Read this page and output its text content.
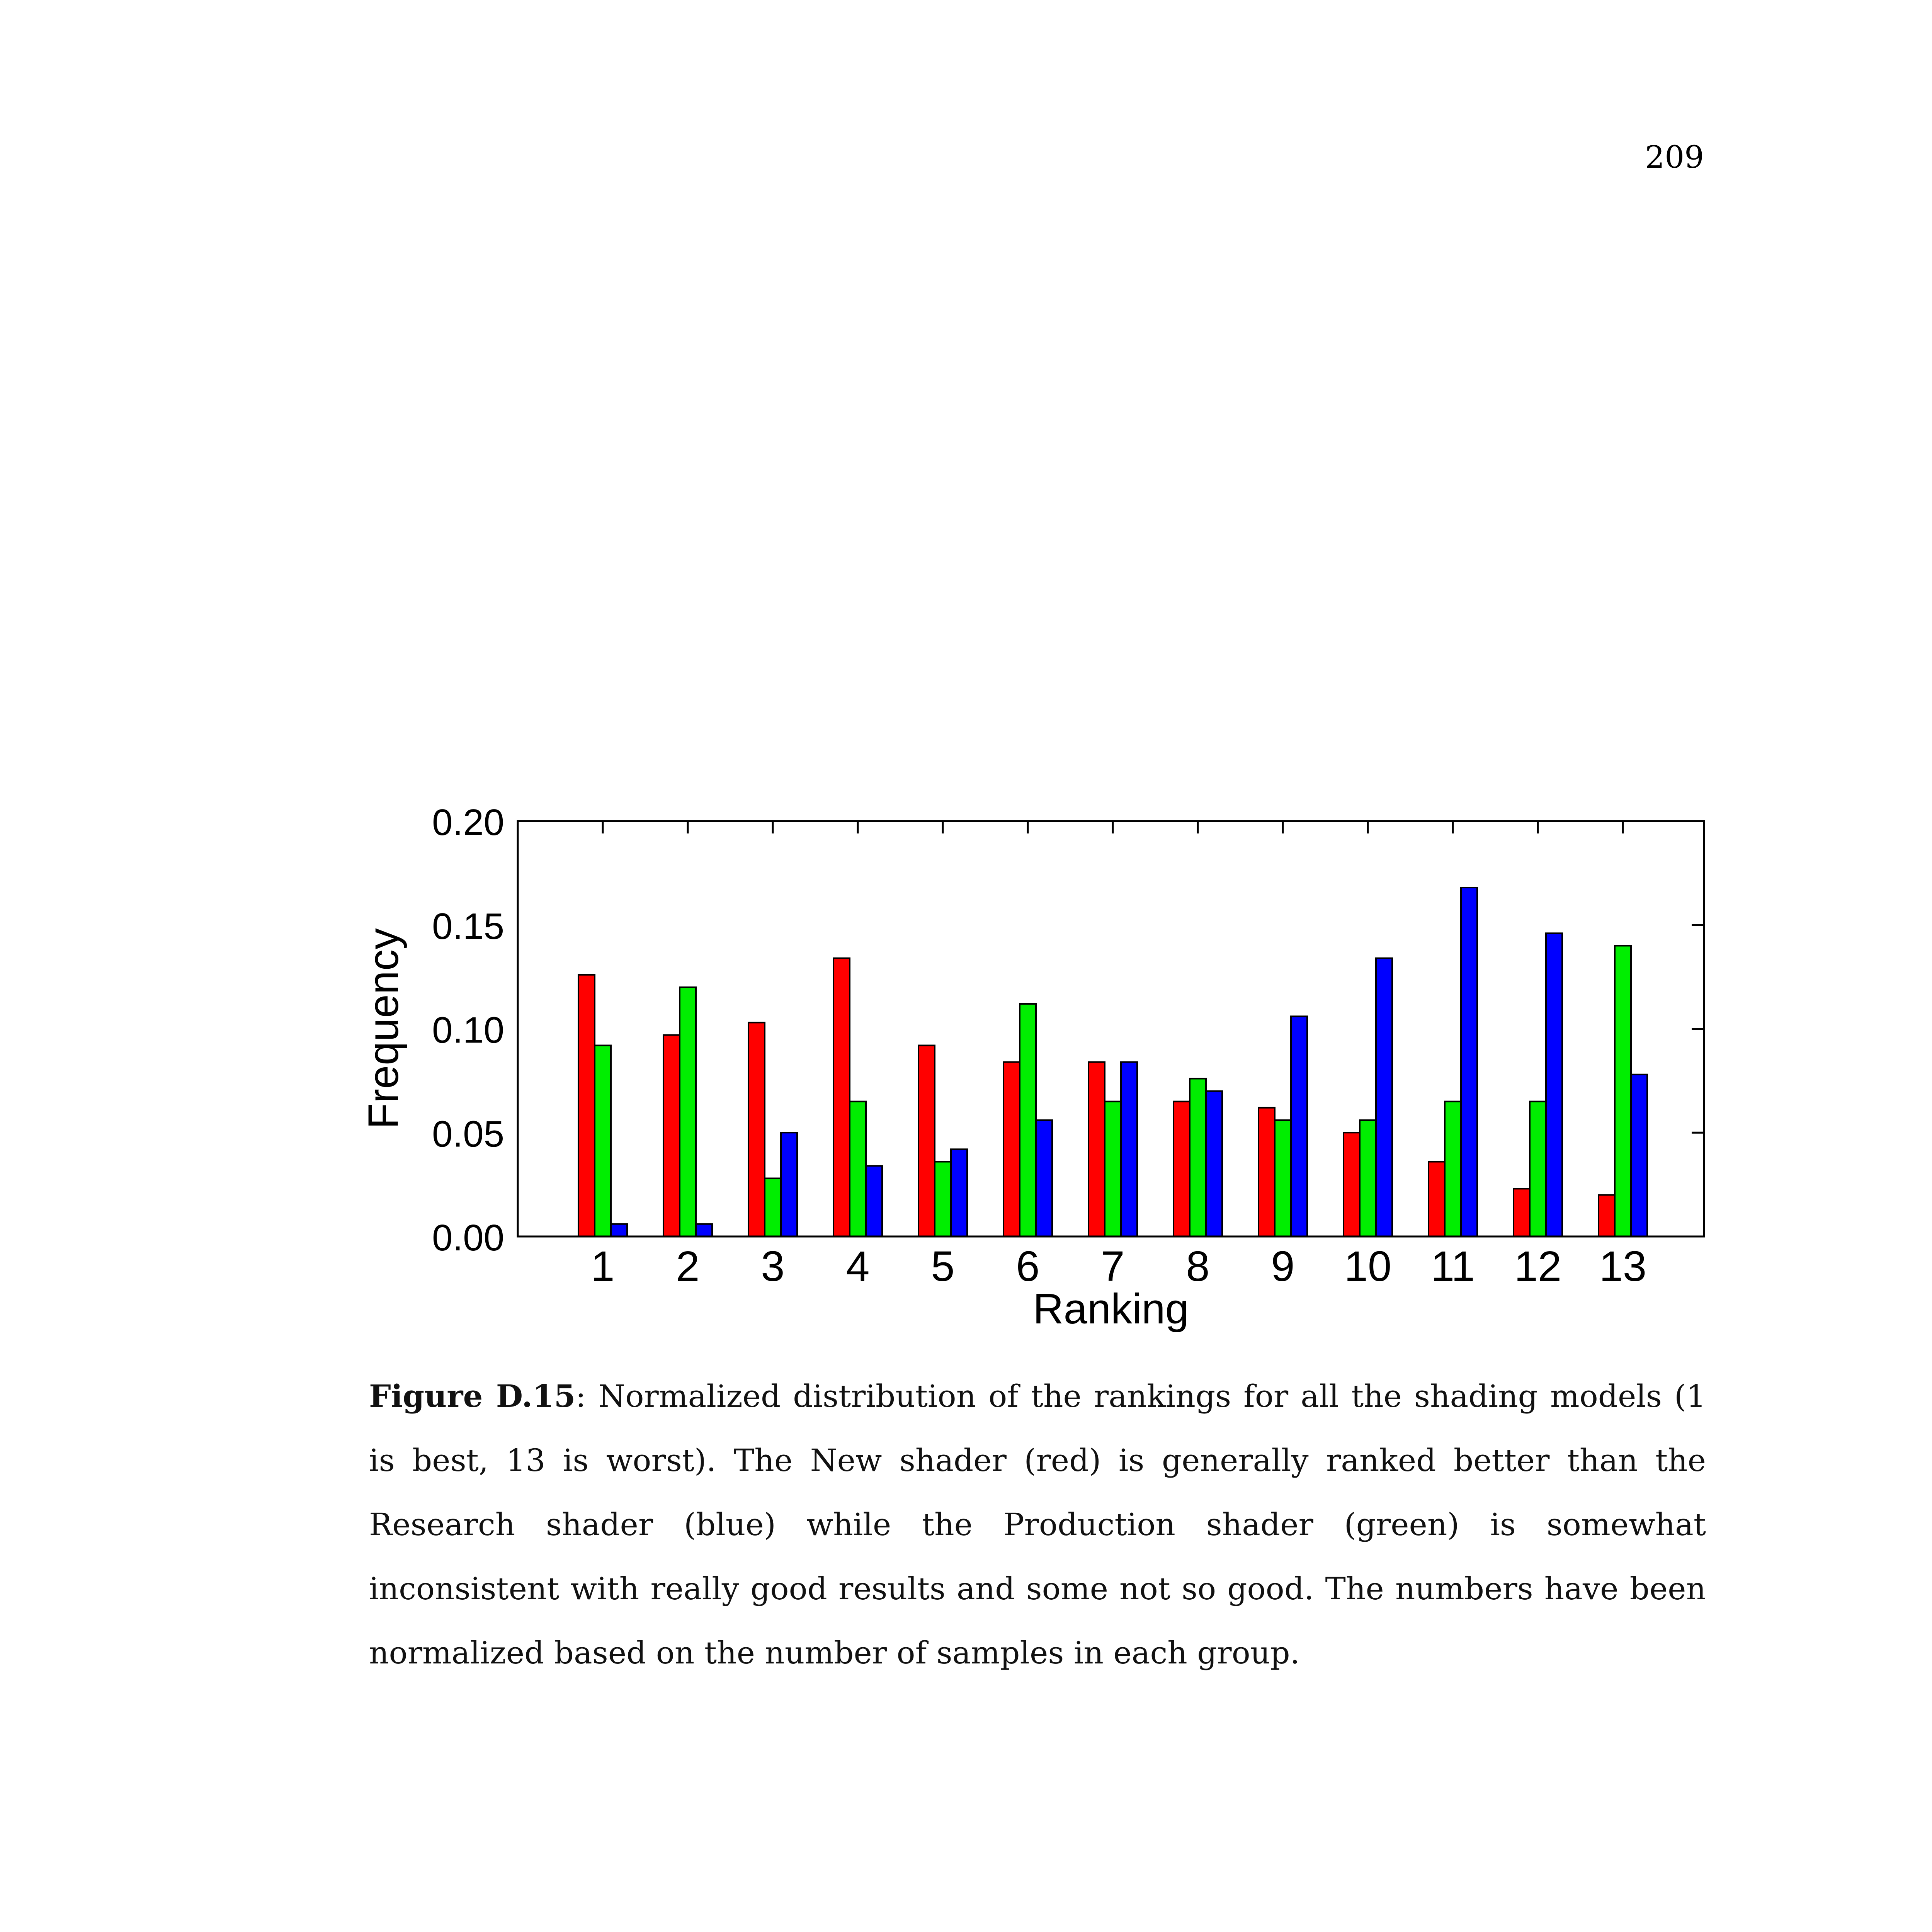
209
1 2 3 4 5 6 7 8 9 10 11 12 13
0.00
0.05
0.10
0.15
0.20
Ranking
Frequency
Figure D.15: Normalized distribution of the rankings for all the shading models (1 is best, 13 is worst). The New shader (red) is generally ranked better than the Research shader (blue) while the Production shader (green) is somewhat inconsistent with really good results and some not so good. The numbers have been normalized based on the number of samples in each group.
